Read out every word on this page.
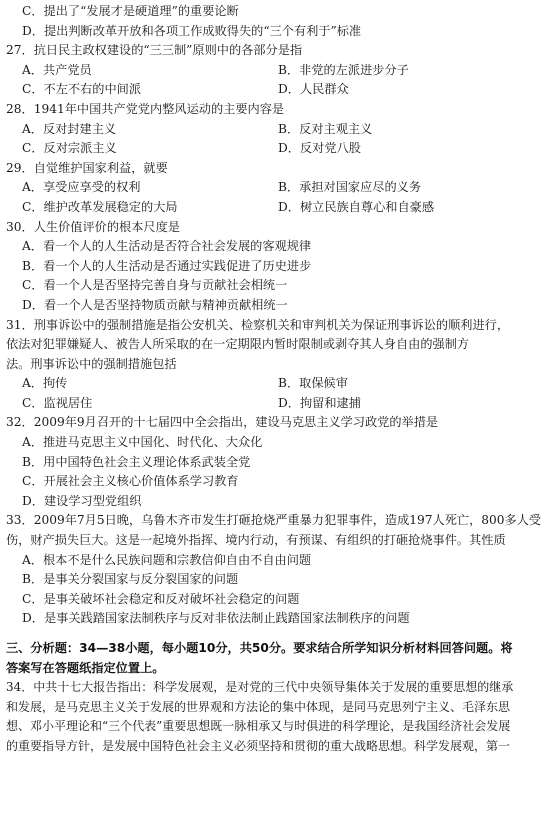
C．提出了“发展才是硬道理”的重要论断
D．提出判断改革开放和各项工作成败得失的“三个有利于”标准
27．抗日民主政权建设的“三三制”原则中的各部分是指
A．共产党员	B．非党的左派进步分子
C．不左不右的中间派	D．人民群众
28．1941年中国共产党党内整风运动的主要内容是
A．反对封建主义	B．反对主观主义
C．反对宗派主义	D．反对党八股
29．自觉维护国家利益，就要
A．享受应享受的权利	B．承担对国家应尽的义务
C．维护改革发展稳定的大局	D．树立民族自尊心和自豪感
30．人生价值评价的根本尺度是
A．看一个人的人生活动是否符合社会发展的客观规律
B．看一个人的人生活动是否通过实践促进了历史进步
C．看一个人是否坚持完善自身与贡献社会相统一
D．看一个人是否坚持物质贡献与精神贡献相统一
31．刑事诉讼中的强制措施是指公安机关、检察机关和审判机关为保证刑事诉讼的顺利进行，
依法对犯罪嫌疑人、被告人所采取的在一定期限内暂时限制或剥夺其人身自由的强制方
法。刑事诉讼中的强制措施包括
A．拘传	B．取保候审
C．监视居住	D．拘留和逮捕
32．2009年9月召开的十七届四中全会指出，建设马克思主义学习政党的举措是
A．推进马克思主义中国化、时代化、大众化
B．用中国特色社会主义理论体系武装全党
C．开展社会主义核心价值体系学习教育
D．建设学习型党组织
33．2009年7月5日晚，乌鲁木齐市发生打砸抢烧严重暴力犯罪事件，造成197人死亡，800多人受
伤，财产损失巨大。这是一起境外指挥、境内行动，有预谋、有组织的打砸抢烧事件。其性质
A．根本不是什么民族问题和宗教信仰自由不自由问题
B．是事关分裂国家与反分裂国家的问题
C．是事关破坏社会稳定和反对破坏社会稳定的问题
D．是事关践踏国家法制秩序与反对非依法制止践踏国家法制秩序的问题
三、分析题：34—38小题，每小题10分，共50分。要求结合所学知识分析材料回答问题。将
答案写在答题纸指定位置上。
34．中共十七大报告指出：科学发展观，是对党的三代中央领导集体关于发展的重要思想的继承
和发展，是马克思主义关于发展的世界观和方法论的集中体现，是同马克思列宁主义、毛泽东思
想、邓小平理论和“三个代表”重要思想既一脉相承又与时俱进的科学理论，是我国经济社会发展
的重要指导方针，是发展中国特色社会主义必须坚持和贯彻的重大战略思想。科学发展观，第一
